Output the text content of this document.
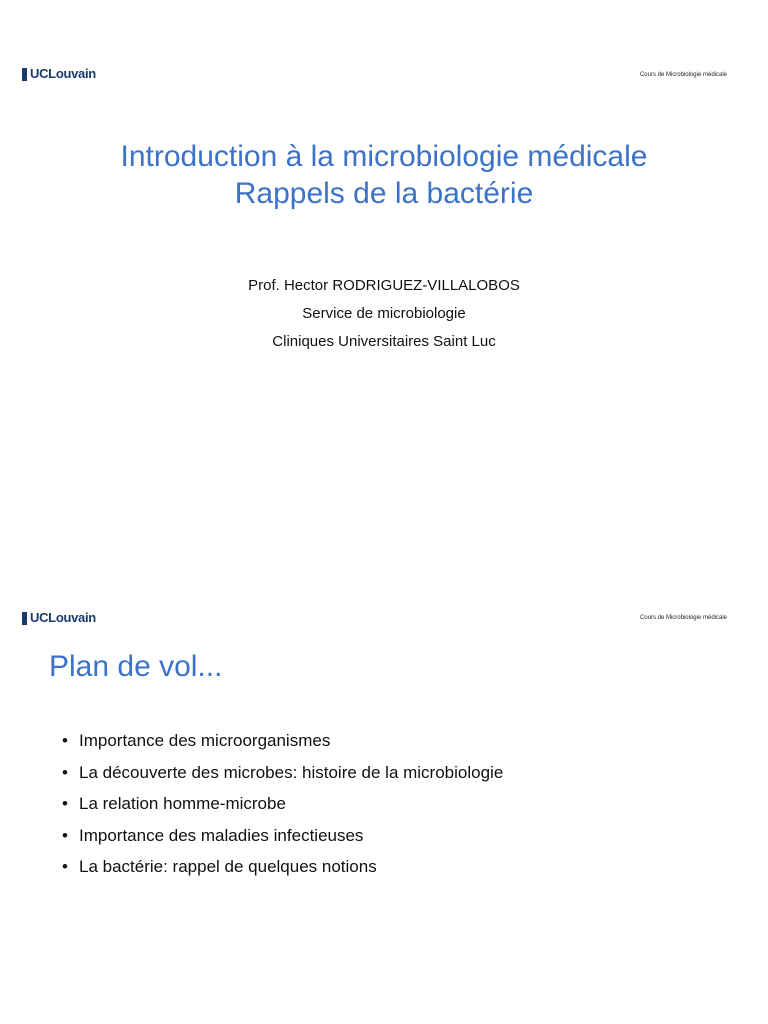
UCLouvain	Cours de Microbiologie médicale
Introduction à la microbiologie médicale
Rappels de la bactérie
Prof. Hector RODRIGUEZ-VILLALOBOS
Service de microbiologie
Cliniques Universitaires Saint Luc
UCLouvain	Cours de Microbiologie médicale
Plan de vol...
• Importance des microorganismes
• La découverte des microbes: histoire de la microbiologie
• La relation homme-microbe
• Importance des maladies infectieuses
• La bactérie: rappel de quelques notions
